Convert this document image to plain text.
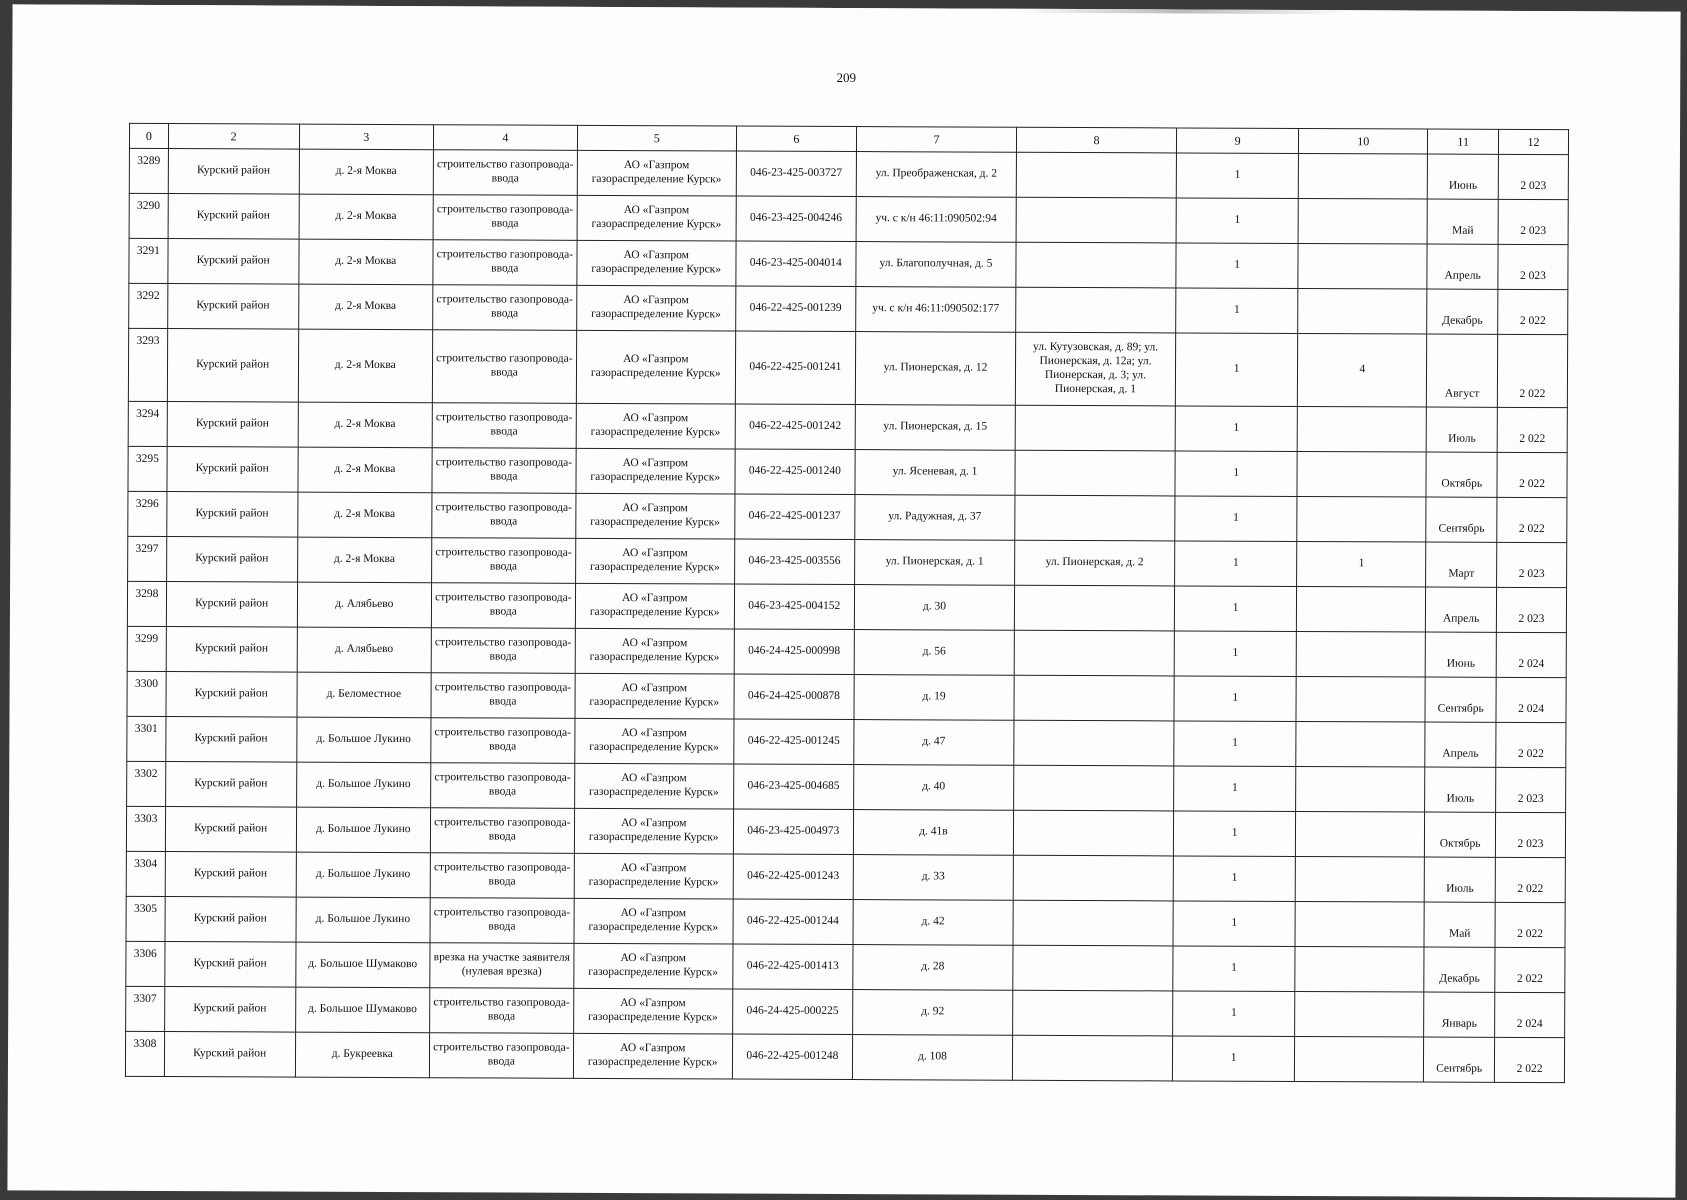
209
0	2	3	4	5	6	7	8	9	10	11	12
3289	Курский район	д. 2-я Моква	строительство газопровода-ввода	АО «Газпром газораспределение Курск»	046-23-425-003727	ул. Преображенская, д. 2		1		Июнь	2 023
3290	Курский район	д. 2-я Моква	строительство газопровода-ввода	АО «Газпром газораспределение Курск»	046-23-425-004246	уч. с к/н 46:11:090502:94		1		Май	2 023
3291	Курский район	д. 2-я Моква	строительство газопровода-ввода	АО «Газпром газораспределение Курск»	046-23-425-004014	ул. Благополучная, д. 5		1		Апрель	2 023
3292	Курский район	д. 2-я Моква	строительство газопровода-ввода	АО «Газпром газораспределение Курск»	046-22-425-001239	уч. с к/н 46:11:090502:177		1		Декабрь	2 022
3293	Курский район	д. 2-я Моква	строительство газопровода-ввода	АО «Газпром газораспределение Курск»	046-22-425-001241	ул. Пионерская, д. 12	ул. Кутузовская, д. 89; ул. Пионерская, д. 12а; ул. Пионерская, д. 3; ул. Пионерская, д. 1	1	4	Август	2 022
3294	Курский район	д. 2-я Моква	строительство газопровода-ввода	АО «Газпром газораспределение Курск»	046-22-425-001242	ул. Пионерская, д. 15		1		Июль	2 022
3295	Курский район	д. 2-я Моква	строительство газопровода-ввода	АО «Газпром газораспределение Курск»	046-22-425-001240	ул. Ясеневая, д. 1		1		Октябрь	2 022
3296	Курский район	д. 2-я Моква	строительство газопровода-ввода	АО «Газпром газораспределение Курск»	046-22-425-001237	ул. Радужная, д. 37		1		Сентябрь	2 022
3297	Курский район	д. 2-я Моква	строительство газопровода-ввода	АО «Газпром газораспределение Курск»	046-23-425-003556	ул. Пионерская, д. 1	ул. Пионерская, д. 2	1	1	Март	2 023
3298	Курский район	д. Алябьево	строительство газопровода-ввода	АО «Газпром газораспределение Курск»	046-23-425-004152	д. 30		1		Апрель	2 023
3299	Курский район	д. Алябьево	строительство газопровода-ввода	АО «Газпром газораспределение Курск»	046-24-425-000998	д. 56		1		Июнь	2 024
3300	Курский район	д. Беломестное	строительство газопровода-ввода	АО «Газпром газораспределение Курск»	046-24-425-000878	д. 19		1		Сентябрь	2 024
3301	Курский район	д. Большое Лукино	строительство газопровода-ввода	АО «Газпром газораспределение Курск»	046-22-425-001245	д. 47		1		Апрель	2 022
3302	Курский район	д. Большое Лукино	строительство газопровода-ввода	АО «Газпром газораспределение Курск»	046-23-425-004685	д. 40		1		Июль	2 023
3303	Курский район	д. Большое Лукино	строительство газопровода-ввода	АО «Газпром газораспределение Курск»	046-23-425-004973	д. 41в		1		Октябрь	2 023
3304	Курский район	д. Большое Лукино	строительство газопровода-ввода	АО «Газпром газораспределение Курск»	046-22-425-001243	д. 33		1		Июль	2 022
3305	Курский район	д. Большое Лукино	строительство газопровода-ввода	АО «Газпром газораспределение Курск»	046-22-425-001244	д. 42		1		Май	2 022
3306	Курский район	д. Большое Шумаково	врезка на участке заявителя (нулевая врезка)	АО «Газпром газораспределение Курск»	046-22-425-001413	д. 28		1		Декабрь	2 022
3307	Курский район	д. Большое Шумаково	строительство газопровода-ввода	АО «Газпром газораспределение Курск»	046-24-425-000225	д. 92		1		Январь	2 024
3308	Курский район	д. Букреевка	строительство газопровода-ввода	АО «Газпром газораспределение Курск»	046-22-425-001248	д. 108		1		Сентябрь	2 022
